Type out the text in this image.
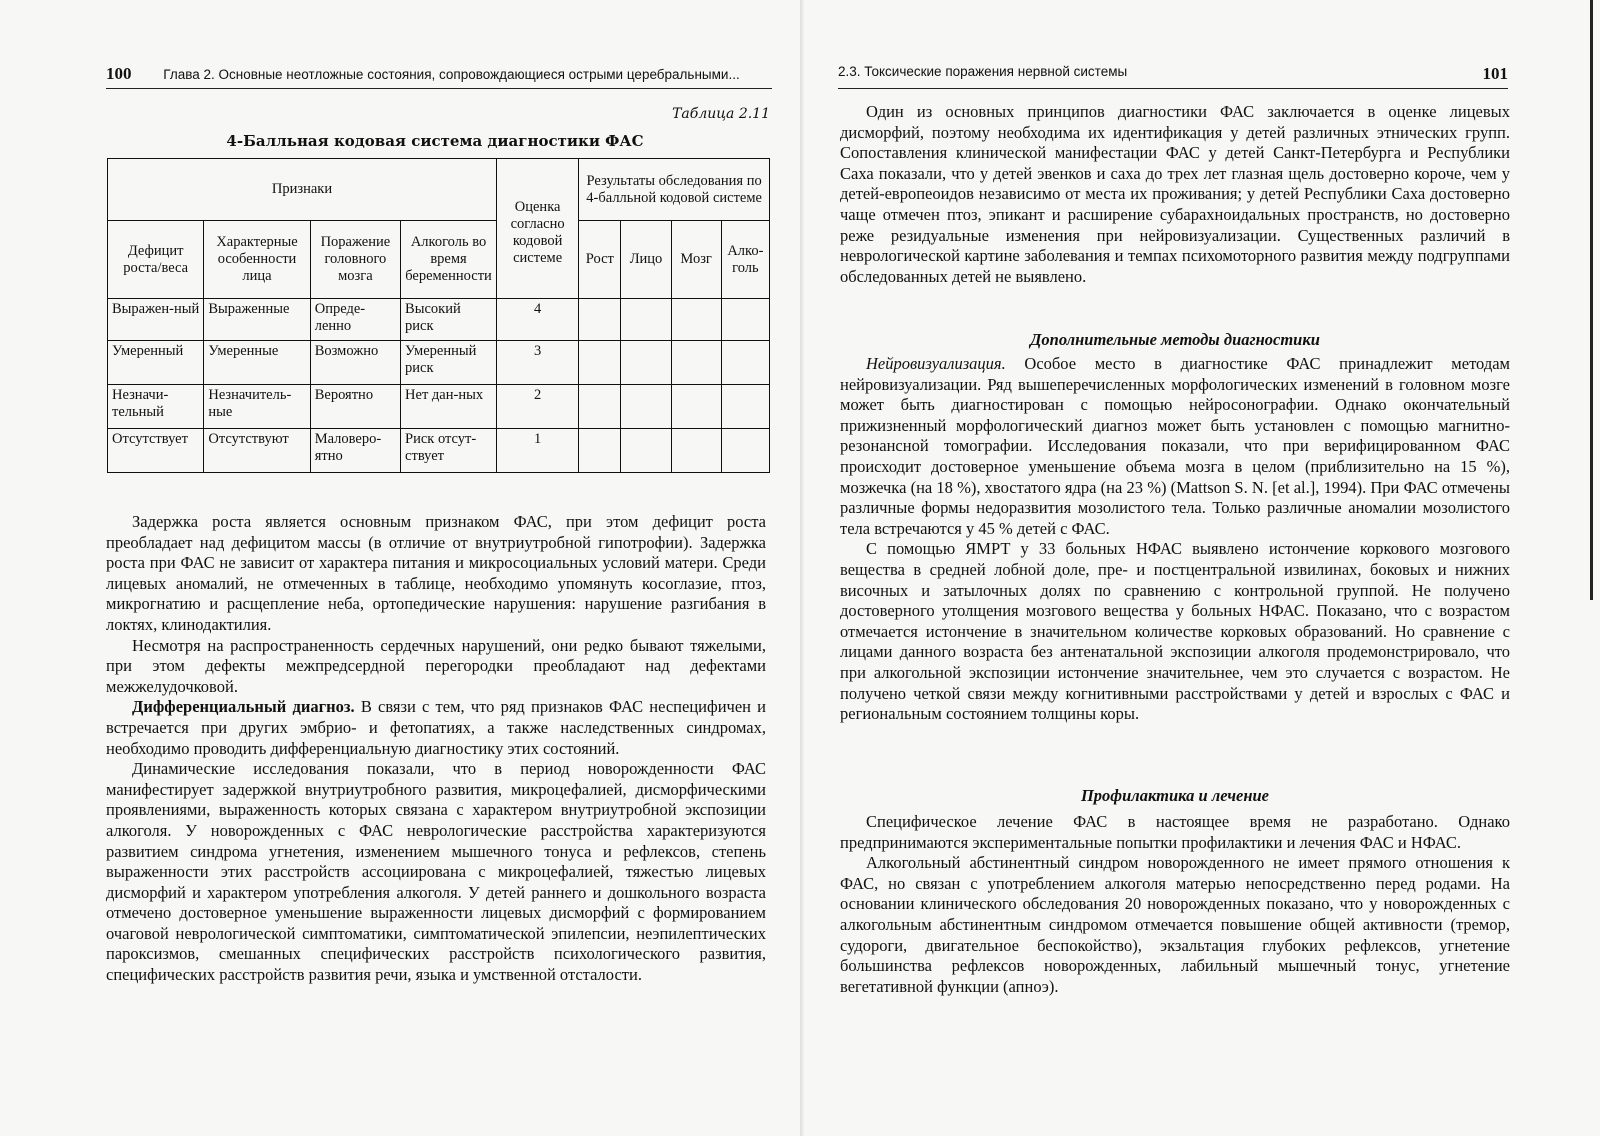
100 Глава 2. Основные неотложные состояния, сопровождающиеся острыми церебральными...
Таблица 2.11
4-Балльная кодовая система диагностики ФАС
Признаки				Оценка согласно кодовой системе	Результаты обследования по 4-балльной кодовой системе			
Дефицит роста/веса	Характерные особенности лица	Поражение головного мозга	Алкоголь во время беременности		Рост	Лицо	Мозг	Алко-голь
Выражен-ный	Выраженные	Опреде-ленно	Высокий риск	4				
Умеренный	Умеренные	Возможно	Умеренный риск	3				
Незначи-тельный	Незначитель-ные	Вероятно	Нет дан-ных	2				
Отсутствует	Отсутствуют	Маловеро-ятно	Риск отсут-ствует	1				

Задержка роста является основным признаком ФАС, при этом дефицит роста преобладает над дефицитом массы (в отличие от внутриутробной гипотрофии). Задержка роста при ФАС не зависит от характера питания и микросоциальных условий матери. Среди лицевых аномалий, не отмеченных в таблице, необходимо упомянуть косоглазие, птоз, микрогнатию и расщепление неба, ортопедические нарушения: нарушение разгибания в локтях, клинодактилия.

Несмотря на распространенность сердечных нарушений, они редко бывают тяжелыми, при этом дефекты межпредсердной перегородки преобладают над дефектами межжелудочковой.

Дифференциальный диагноз. В связи с тем, что ряд признаков ФАС неспецифичен и встречается при других эмбрио- и фетопатиях, а также наследственных синдромах, необходимо проводить дифференциальную диагностику этих состояний.

Динамические исследования показали, что в период новорожденности ФАС манифестирует задержкой внутриутробного развития, микроцефалией, дисморфическими проявлениями, выраженность которых связана с характером внутриутробной экспозиции алкоголя. У новорожденных с ФАС неврологические расстройства характеризуются развитием синдрома угнетения, изменением мышечного тонуса и рефлексов, степень выраженности этих расстройств ассоциирована с микроцефалией, тяжестью лицевых дисморфий и характером употребления алкоголя. У детей раннего и дошкольного возраста отмечено достоверное уменьшение выраженности лицевых дисморфий с формированием очаговой неврологической симптоматики, симптоматической эпилепсии, неэпилептических пароксизмов, смешанных специфических расстройств психологического развития, специфических расстройств развития речи, языка и умственной отсталости.

2.3. Токсические поражения нервной системы	101

Один из основных принципов диагностики ФАС заключается в оценке лицевых дисморфий, поэтому необходима их идентификация у детей различных этнических групп. Сопоставления клинической манифестации ФАС у детей Санкт-Петербурга и Республики Саха показали, что у детей эвенков и саха до трех лет глазная щель достоверно короче, чем у детей-европеоидов независимо от места их проживания; у детей Республики Саха достоверно чаще отмечен птоз, эпикант и расширение субарахноидальных пространств, но достоверно реже резидуальные изменения при нейровизуализации. Существенных различий в неврологической картине заболевания и темпах психомоторного развития между подгруппами обследованных детей не выявлено.

Дополнительные методы диагностики

Нейровизуализация. Особое место в диагностике ФАС принадлежит методам нейровизуализации. Ряд вышеперечисленных морфологических изменений в головном мозге может быть диагностирован с помощью нейросонографии. Однако окончательный прижизненный морфологический диагноз может быть установлен с помощью магнитно-резонансной томографии. Исследования показали, что при верифицированном ФАС происходит достоверное уменьшение объема мозга в целом (приблизительно на 15 %), мозжечка (на 18 %), хвостатого ядра (на 23 %) (Mattson S. N. [et al.], 1994). При ФАС отмечены различные формы недоразвития мозолистого тела. Только различные аномалии мозолистого тела встречаются у 45 % детей с ФАС.

С помощью ЯМРТ у 33 больных НФАС выявлено истончение коркового мозгового вещества в средней лобной доле, пре- и постцентральной извилинах, боковых и нижних височных и затылочных долях по сравнению с контрольной группой. Не получено достоверного утолщения мозгового вещества у больных НФАС. Показано, что с возрастом отмечается истончение в значительном количестве корковых образований. Но сравнение с лицами данного возраста без антенатальной экспозиции алкоголя продемонстрировало, что при алкогольной экспозиции истончение значительнее, чем это случается с возрастом. Не получено четкой связи между когнитивными расстройствами у детей и взрослых с ФАС и региональным состоянием толщины коры.

Профилактика и лечение

Специфическое лечение ФАС в настоящее время не разработано. Однако предпринимаются экспериментальные попытки профилактики и лечения ФАС и НФАС.

Алкогольный абстинентный синдром новорожденного не имеет прямого отношения к ФАС, но связан с употреблением алкоголя матерью непосредственно перед родами. На основании клинического обследования 20 новорожденных показано, что у новорожденных с алкогольным абстинентным синдромом отмечается повышение общей активности (тремор, судороги, двигательное беспокойство), экзальтация глубоких рефлексов, угнетение большинства рефлексов новорожденных, лабильный мышечный тонус, угнетение вегетативной функции (апноэ).
